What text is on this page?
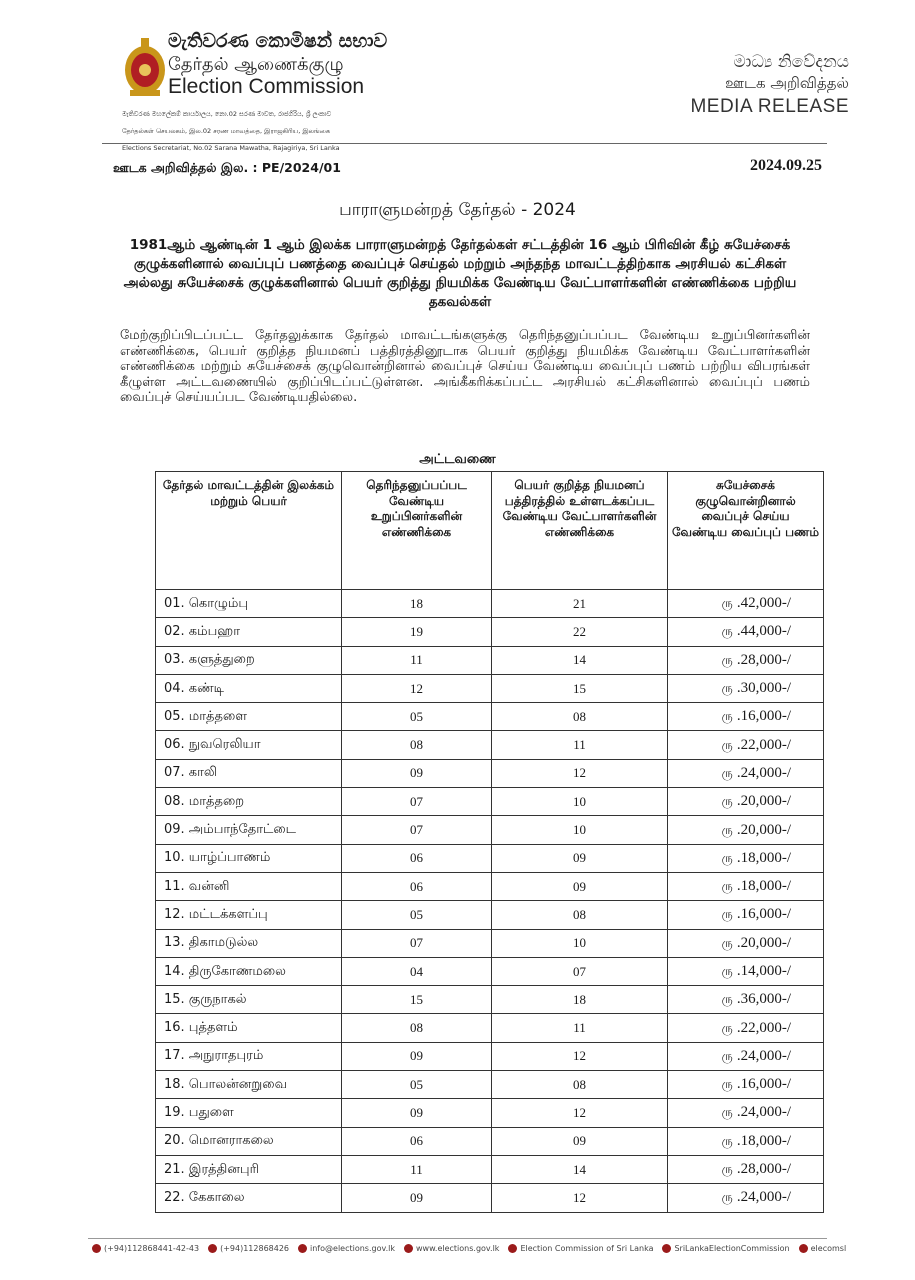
මැතිවරණ කොමිෂන් සභාව
தேர்தல் ஆணைக்குழு
Election Commission

මැතිවරණ මහලේකම් කාර්යාලය, නො.02 සරණ මාවත, රාජගිරිය, ශ්‍රී ලංකාව

தேர்தல்கள் செயலகம், இல.02 சரண மாவத்தை, இராஜகிரிய, இலங்கை

Elections Secretariat, No.02 Sarana Mawatha, Rajagiriya, Sri Lanka

මාධ්‍ය නිවේදනය
ஊடக அறிவித்தல்
MEDIA RELEASE
ஊடக அறிவித்தல் இல. : PE/2024/01	2024.09.25
பாராளுமன்றத் தேர்தல் - 2024
1981ஆம் ஆண்டின் 1 ஆம் இலக்க பாராளுமன்றத் தேர்தல்கள் சட்டத்தின் 16 ஆம் பிரிவின் கீழ் சுயேச்சைக் குழுக்களினால் வைப்புப் பணத்தை வைப்புச் செய்தல் மற்றும் அந்தந்த மாவட்டத்திற்காக அரசியல் கட்சிகள் அல்லது சுயேச்சைக் குழுக்களினால் பெயர் குறித்து நியமிக்க வேண்டிய வேட்பாளர்களின் எண்ணிக்கை பற்றிய தகவல்கள்
மேற்குறிப்பிடப்பட்ட தேர்தலுக்காக தேர்தல் மாவட்டங்களுக்கு தெரிந்தனுப்பப்பட வேண்டிய உறுப்பினர்களின் எண்ணிக்கை, பெயர் குறித்த நியமனப் பத்திரத்தினூடாக பெயர் குறித்து நியமிக்க வேண்டிய வேட்பாளர்களின் எண்ணிக்கை மற்றும் சுயேச்சைக் குழுவொன்றினால் வைப்புச் செய்ய வேண்டிய வைப்புப் பணம் பற்றிய விபரங்கள் கீழுள்ள அட்டவணையில் குறிப்பிடப்பட்டுள்ளன. அங்கீகரிக்கப்பட்ட அரசியல் கட்சிகளினால் வைப்புப் பணம் வைப்புச் செய்யப்பட வேண்டியதில்லை.
அட்டவணை
தேர்தல் மாவட்டத்தின் இலக்கம் மற்றும் பெயர்	தெரிந்தனுப்பப்பட வேண்டிய உறுப்பினர்களின் எண்ணிக்கை	பெயர் குறித்த நியமனப் பத்திரத்தில் உள்ளடக்கப்பட வேண்டிய வேட்பாளர்களின் எண்ணிக்கை	சுயேச்சைக் குழுவொன்றினால் வைப்புச் செய்ய வேண்டிய வைப்புப் பணம்
01. கொழும்பு	18	21	ரு .42,000-/
02. கம்பஹா	19	22	ரு .44,000-/
03. களுத்துறை	11	14	ரு .28,000-/
04. கண்டி	12	15	ரு .30,000-/
05. மாத்தளை	05	08	ரு .16,000-/
06. நுவரெலியா	08	11	ரு .22,000-/
07. காலி	09	12	ரு .24,000-/
08. மாத்தறை	07	10	ரு .20,000-/
09. அம்பாந்தோட்டை	07	10	ரு .20,000-/
10. யாழ்ப்பாணம்	06	09	ரு .18,000-/
11. வன்னி	06	09	ரு .18,000-/
12. மட்டக்களப்பு	05	08	ரு .16,000-/
13. திகாமடுல்ல	07	10	ரு .20,000-/
14. திருகோணமலை	04	07	ரு .14,000-/
15. குருநாகல்	15	18	ரு .36,000-/
16. புத்தளம்	08	11	ரு .22,000-/
17. அநுராதபுரம்	09	12	ரு .24,000-/
18. பொலன்னறுவை	05	08	ரு .16,000-/
19. பதுளை	09	12	ரு .24,000-/
20. மொனராகலை	06	09	ரு .18,000-/
21. இரத்தினபுரி	11	14	ரு .28,000-/
22. கேகாலை	09	12	ரு .24,000-/
(+94)112868441-42-43	(+94)112868426	info@elections.gov.lk	www.elections.gov.lk	Election Commission of Sri Lanka	SriLankaElectionCommission	elecomsl
